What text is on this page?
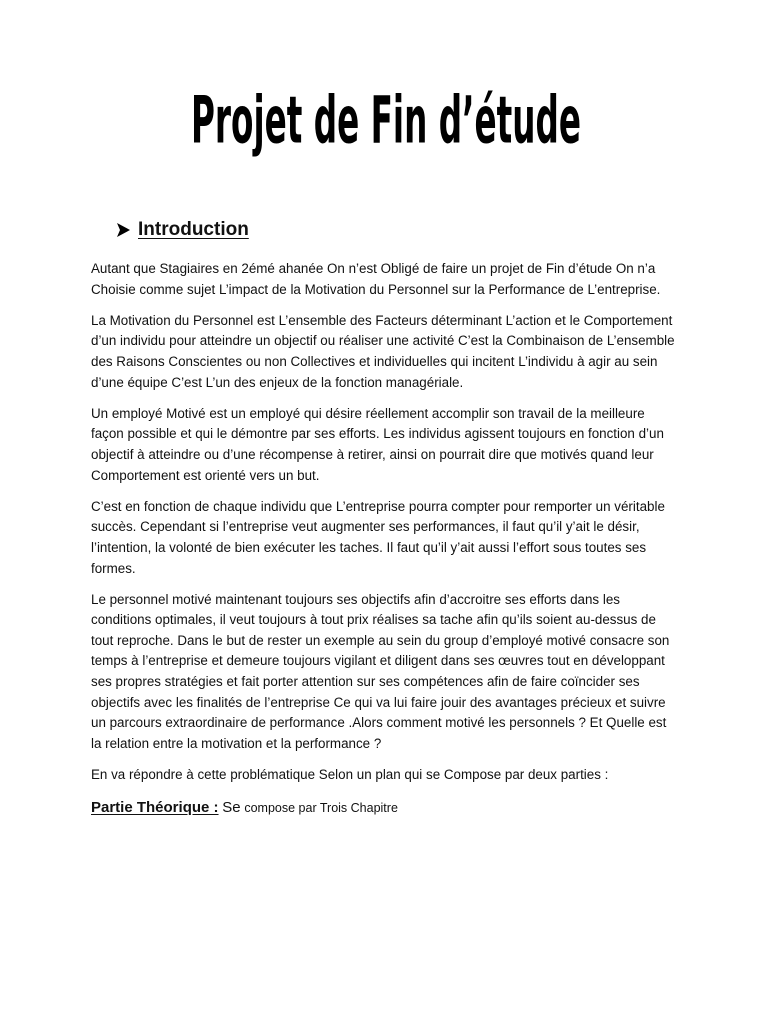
Projet de Fin d’étude
Introduction

Autant que Stagiaires en 2émé ahanée On n’est Obligé de faire un projet de Fin d’étude On n’a Choisie comme sujet L’impact de la Motivation du Personnel sur la Performance de L’entreprise.

La Motivation du Personnel est L’ensemble des Facteurs déterminant L’action et le Comportement d’un individu pour atteindre un objectif ou réaliser une activité C’est la Combinaison de L’ensemble des Raisons Conscientes ou non Collectives et individuelles qui incitent L’individu à agir au sein d’une équipe C’est L’un des enjeux de la fonction managériale.

Un employé Motivé est un employé qui désire réellement accomplir son travail de la meilleure façon possible et qui le démontre par ses efforts. Les individus agissent toujours en fonction d’un objectif à atteindre ou d’une récompense à retirer, ainsi on pourrait dire que motivés quand leur Comportement est orienté vers un but.

C’est en fonction de chaque individu que L’entreprise pourra compter pour remporter un véritable succès. Cependant si l’entreprise veut augmenter ses performances, il faut qu’il y’ait le désir, l’intention, la volonté de bien exécuter les taches. Il faut qu’il y’ait aussi l’effort sous toutes ses formes.

Le personnel motivé maintenant toujours ses objectifs afin d’accroitre ses efforts dans les conditions optimales, il veut toujours à tout prix réalises sa tache afin qu’ils soient au-dessus de tout reproche. Dans le but de rester un exemple au sein du group d’employé motivé consacre son temps à l’entreprise et demeure toujours vigilant et diligent dans ses œuvres tout en développant ses propres stratégies et fait porter attention sur ses compétences afin de faire coïncider ses objectifs avec les finalités de l’entreprise Ce qui va lui faire jouir des avantages précieux et suivre un parcours extraordinaire de performance .Alors comment motivé les personnels ? Et Quelle est la relation entre la motivation et la performance ?

En va répondre à cette problématique Selon un plan qui se Compose par deux parties :

Partie Théorique : Se compose par Trois Chapitre
